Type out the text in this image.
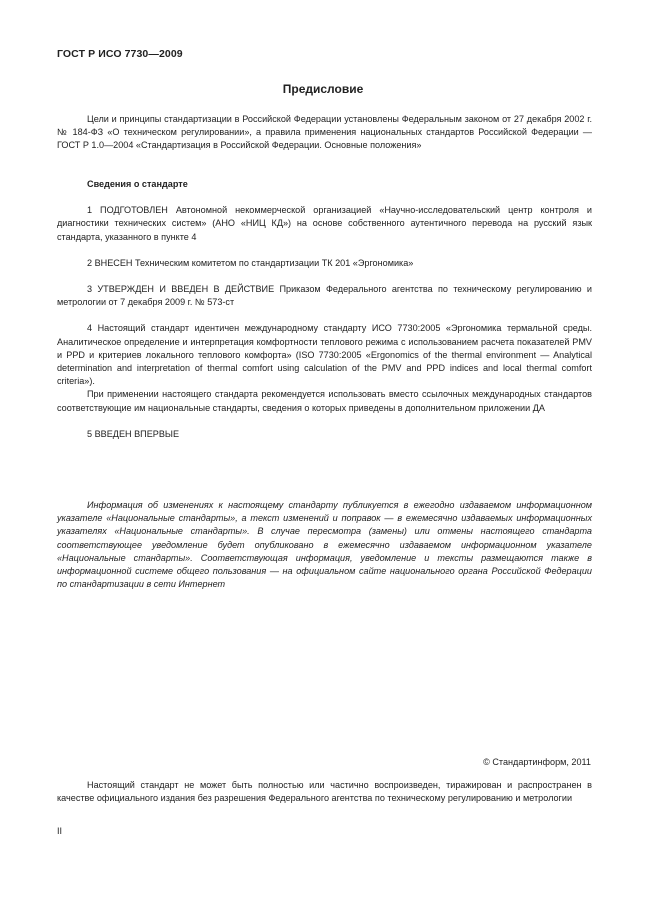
ГОСТ Р ИСО 7730—2009
Предисловие

Цели и принципы стандартизации в Российской Федерации установлены Федеральным законом от 27 декабря 2002 г. № 184-ФЗ «О техническом регулировании», а правила применения национальных стандартов Российской Федерации — ГОСТ Р 1.0—2004 «Стандартизация в Российской Федерации. Основные положения»

Сведения о стандарте

1 ПОДГОТОВЛЕН Автономной некоммерческой организацией «Научно-исследовательский центр контроля и диагностики технических систем» (АНО «НИЦ КД») на основе собственного аутентичного перевода на русский язык стандарта, указанного в пункте 4

2 ВНЕСЕН Техническим комитетом по стандартизации ТК 201 «Эргономика»

3 УТВЕРЖДЕН И ВВЕДЕН В ДЕЙСТВИЕ Приказом Федерального агентства по техническому регулированию и метрологии от 7 декабря 2009 г. № 573-ст

4 Настоящий стандарт идентичен международному стандарту ИСО 7730:2005 «Эргономика термальной среды. Аналитическое определение и интерпретация комфортности теплового режима с использованием расчета показателей PMV и PPD и критериев локального теплового комфорта» (ISO 7730:2005 «Ergonomics of the thermal environment — Analytical determination and interpretation of thermal comfort using calculation of the PMV and PPD indices and local thermal comfort criteria»).

При применении настоящего стандарта рекомендуется использовать вместо ссылочных международных стандартов соответствующие им национальные стандарты, сведения о которых приведены в дополнительном приложении ДА

5 ВВЕДЕН ВПЕРВЫЕ

Информация об изменениях к настоящему стандарту публикуется в ежегодно издаваемом информационном указателе «Национальные стандарты», а текст изменений и поправок — в ежемесячно издаваемых информационных указателях «Национальные стандарты». В случае пересмотра (замены) или отмены настоящего стандарта соответствующее уведомление будет опубликовано в ежемесячно издаваемом информационном указателе «Национальные стандарты». Соответствующая информация, уведомление и тексты размещаются также в информационной системе общего пользования — на официальном сайте национального органа Российской Федерации по стандартизации в сети Интернет

© Стандартинформ, 2011

Настоящий стандарт не может быть полностью или частично воспроизведен, тиражирован и распространен в качестве официального издания без разрешения Федерального агентства по техническому регулированию и метрологии

II
